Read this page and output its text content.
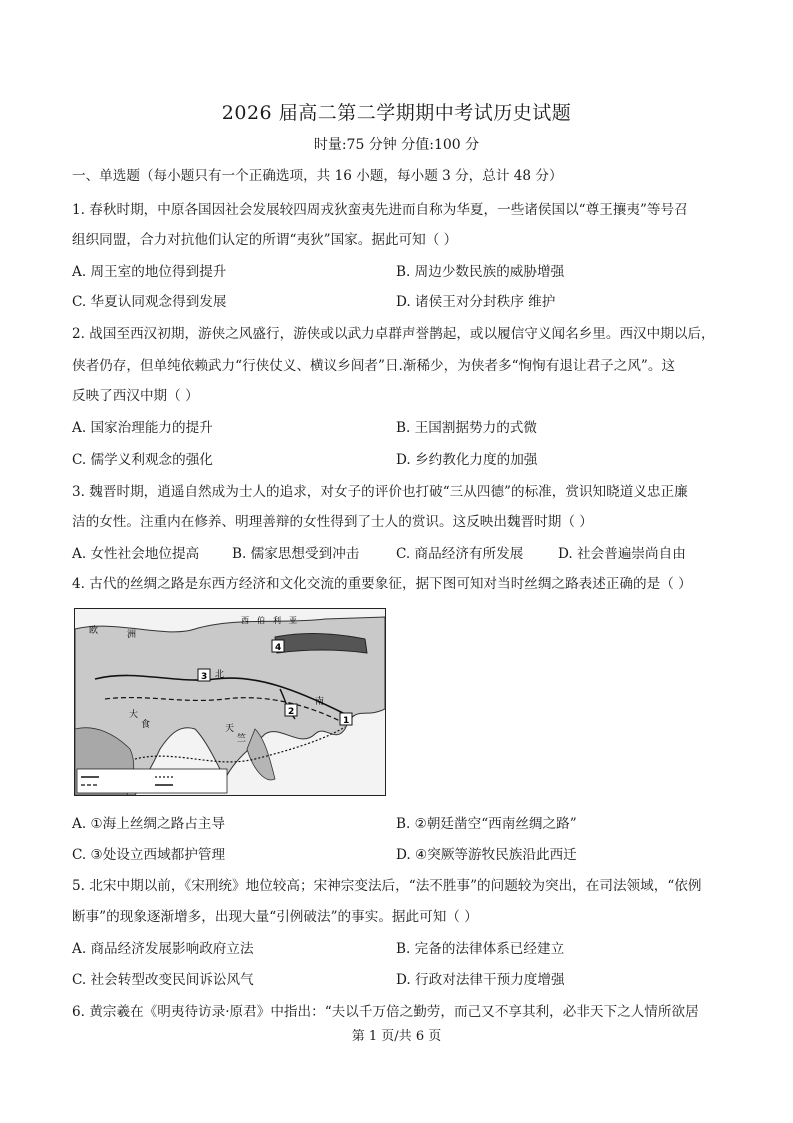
2026 届高二第二学期期中考试历史试题
时量:75 分钟 分值:100 分
一、单选题（每小题只有一个正确选项，共 16 小题，每小题 3 分，总计 48 分）
1. 春秋时期，中原各国因社会发展较四周戎狄蛮夷先进而自称为华夏，一些诸侯国以“尊王攘夷”等号召
组织同盟，合力对抗他们认定的所谓“夷狄”国家。据此可知（ ）
A. 周王室的地位得到提升	B. 周边少数民族的威胁增强
C. 华夏认同观念得到发展	D. 诸侯王对分封秩序 维护
2. 战国至西汉初期，游侠之风盛行，游侠或以武力卓群声誉鹊起，或以履信守义闻名乡里。西汉中期以后，
侠者仍存，但单纯依赖武力“行侠仗义、横议乡闾者”日.渐稀少，为侠者多“恂恂有退让君子之风”。这
反映了西汉中期（ ）
A. 国家治理能力的提升	B. 王国割据势力的式微
C. 儒学义利观念的强化	D. 乡约教化力度的加强
3. 魏晋时期，逍遥自然成为士人的追求，对女子的评价也打破“三从四德”的标准，赏识知晓道义忠正廉
洁的女性。注重内在修养、明理善辩的女性得到了士人的赏识。这反映出魏晋时期（ ）
A. 女性社会地位提高 B. 儒家思想受到冲击	C. 商品经济有所发展	D. 社会普遍崇尚自由
4. 古代的丝绸之路是东西方经济和文化交流的重要象征，据下图可知对当时丝绸之路表述正确的是（ ）
欧	洲
西 伯 利 亚
北
南
大
食	天
竺
4
3
2
1
A. ①海上丝绸之路占主导	B. ②朝廷凿空“西南丝绸之路”
C. ③处设立西域都护管理	D. ④突厥等游牧民族沿此西迁
5. 北宋中期以前，《宋刑统》地位较高；宋神宗变法后，“法不胜事”的问题较为突出，在司法领域，“依例
断事”的现象逐渐增多，出现大量“引例破法”的事实。据此可知（ ）
A. 商品经济发展影响政府立法	B. 完备的法律体系已经建立
C. 社会转型改变民间诉讼风气	D. 行政对法律干预力度增强
6. 黄宗羲在《明夷待访录·原君》中指出：“夫以千万倍之勤劳，而己又不享其利，必非天下之人情所欲居
第 1 页/共 6 页
